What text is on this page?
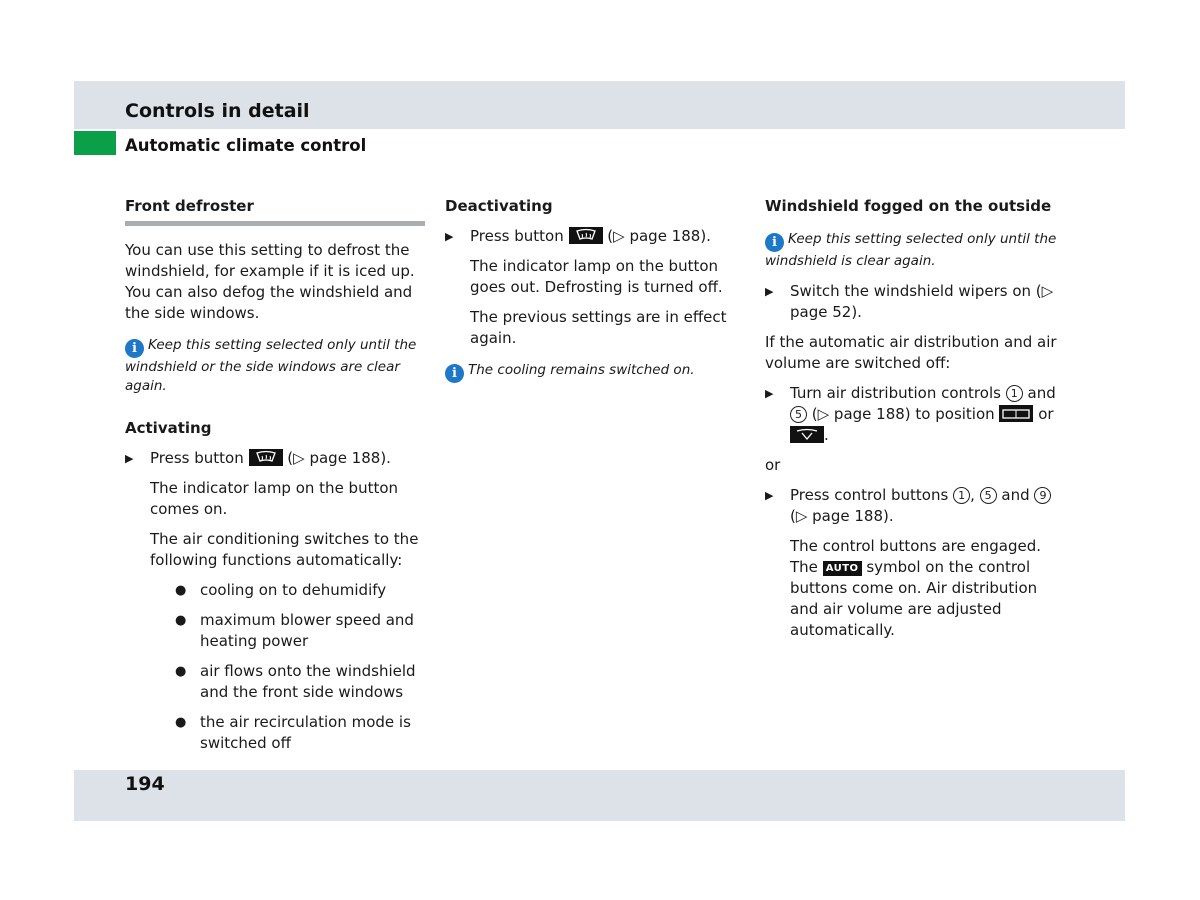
Controls in detail
Automatic climate control

Front defroster

You can use this setting to defrost the windshield, for example if it is iced up. You can also defog the windshield and the side windows.

i Keep this setting selected only until the windshield or the side windows are clear again.

Activating

▶ Press button	(▷ page 188).

The indicator lamp on the button comes on.

The air conditioning switches to the following functions automatically:

● cooling on to dehumidify
● maximum blower speed and heating power
● air flows onto the windshield and the front side windows
● the air recirculation mode is switched off

Deactivating

▶ Press button	(▷ page 188).

The indicator lamp on the button goes out. Defrosting is turned off.

The previous settings are in effect again.

i The cooling remains switched on.

Windshield fogged on the outside

i Keep this setting selected only until the windshield is clear again.

▶ Switch the windshield wipers on (▷ page 52).

If the automatic air distribution and air volume are switched off:

▶ Turn air distribution controls 1 and 5 (▷ page 188) to position	or
.

or

▶ Press control buttons 1 , 5 and 9 (▷ page 188).

The control buttons are engaged.
The AUTO symbol on the control buttons come on. Air distribution and air volume are adjusted automatically.

194
